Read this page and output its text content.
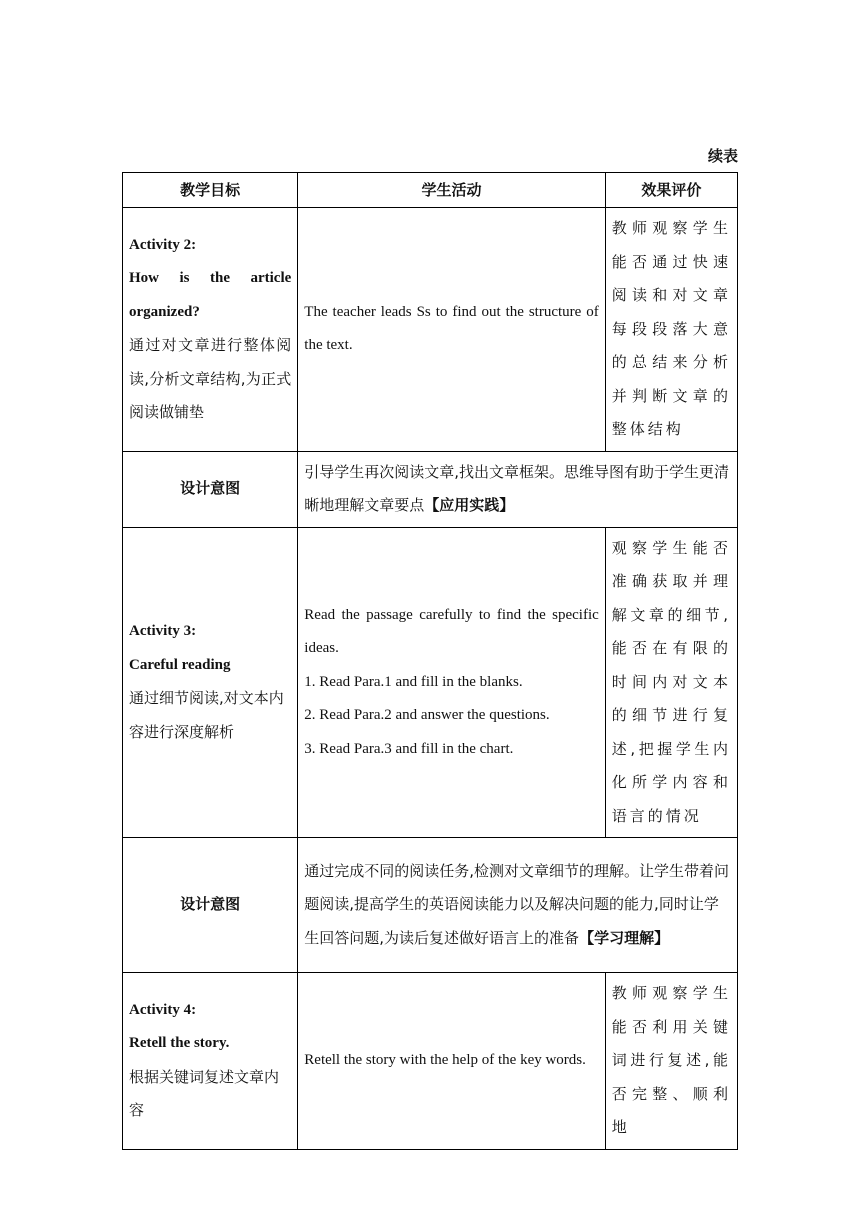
续表
教学目标	学生活动	效果评价

Activity 2:
How is the article organized?
通过对文章进行整体阅读,分析文章结构,为正式阅读做铺垫	The teacher leads Ss to find out the structure of the text.	教师观察学生能否通过快速阅读和对文章每段段落大意的总结来分析并判断文章的整体结构
设计意图	引导学生再次阅读文章,找出文章框架。思维导图有助于学生更清晰地理解文章要点【应用实践】	

Activity 3:
Careful reading
通过细节阅读,对文本内容进行深度解析	Read the passage carefully to find the specific ideas.
1. Read Para.1 and fill in the blanks.
2. Read Para.2 and answer the questions.
3. Read Para.3 and fill in the chart.	观察学生能否准确获取并理解文章的细节,能否在有限的时间内对文本的细节进行复述,把握学生内化所学内容和语言的情况
设计意图	通过完成不同的阅读任务,检测对文章细节的理解。让学生带着问题阅读,提高学生的英语阅读能力以及解决问题的能力,同时让学生回答问题,为读后复述做好语言上的准备【学习理解】	

Activity 4:
Retell the story.
根据关键词复述文章内容	Retell the story with the help of the key words.	教师观察学生能否利用关键词进行复述,能否完整、顺利地
